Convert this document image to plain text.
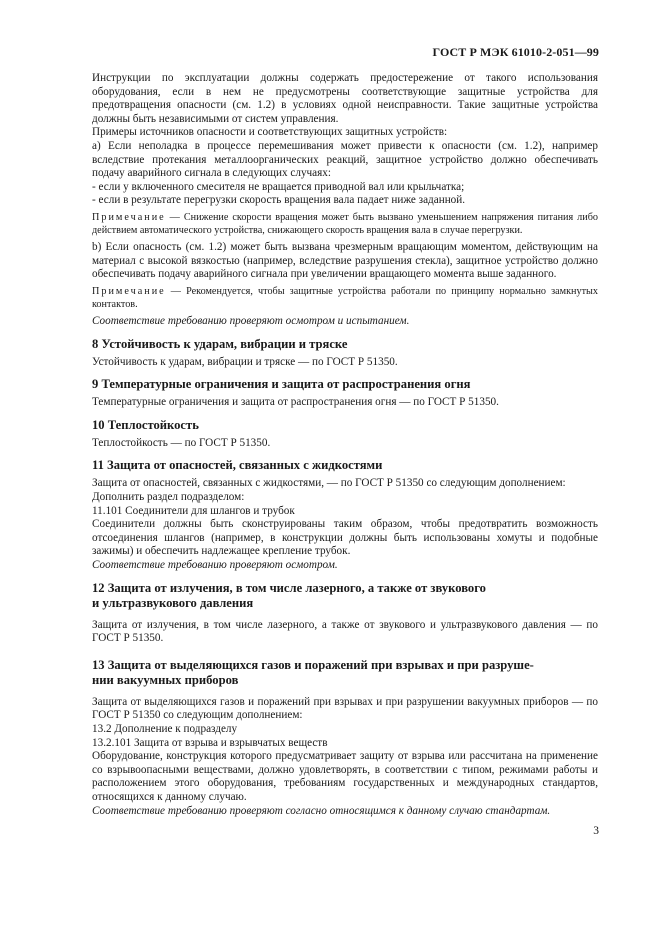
ГОСТ Р МЭК 61010-2-051—99

Инструкции по эксплуатации должны содержать предостережение от такого использования оборудования, если в нем не предусмотрены соответствующие защитные устройства для предотвращения опасности (см. 1.2) в условиях одной неисправности. Такие защитные устройства должны быть независимыми от систем управления.

Примеры источников опасности и соответствующих защитных устройств:

a) Если неполадка в процессе перемешивания может привести к опасности (см. 1.2), например вследствие протекания металлоорганических реакций, защитное устройство должно обеспечивать подачу аварийного сигнала в следующих случаях:

- если у включенного смесителя не вращается приводной вал или крыльчатка;

- если в результате перегрузки скорость вращения вала падает ниже заданной.

Примечание — Снижение скорости вращения может быть вызвано уменьшением напряжения питания либо действием автоматического устройства, снижающего скорость вращения вала в случае перегрузки.

b) Если опасность (см. 1.2) может быть вызвана чрезмерным вращающим моментом, действующим на материал с высокой вязкостью (например, вследствие разрушения стекла), защитное устройство должно обеспечивать подачу аварийного сигнала при увеличении вращающего момента выше заданного.

Примечание — Рекомендуется, чтобы защитные устройства работали по принципу нормально замкнутых контактов.

Соответствие требованию проверяют осмотром и испытанием.

8 Устойчивость к ударам, вибрации и тряске

Устойчивость к ударам, вибрации и тряске — по ГОСТ Р 51350.

9 Температурные ограничения и защита от распространения огня

Температурные ограничения и защита от распространения огня — по ГОСТ Р 51350.

10 Теплостойкость

Теплостойкость — по ГОСТ Р 51350.

11 Защита от опасностей, связанных с жидкостями

Защита от опасностей, связанных с жидкостями, — по ГОСТ Р 51350 со следующим дополнением:

Дополнить раздел подразделом:

11.101 Соединители для шлангов и трубок

Соединители должны быть сконструированы таким образом, чтобы предотвратить возможность отсоединения шлангов (например, в конструкции должны быть использованы хомуты и подобные зажимы) и обеспечить надлежащее крепление трубок.

Соответствие требованию проверяют осмотром.

12 Защита от излучения, в том числе лазерного, а также от звукового
и ультразвукового давления

Защита от излучения, в том числе лазерного, а также от звукового и ультразвукового давления — по ГОСТ Р 51350.

13 Защита от выделяющихся газов и поражений при взрывах и при разруше-
нии вакуумных приборов

Защита от выделяющихся газов и поражений при взрывах и при разрушении вакуумных приборов — по ГОСТ Р 51350 со следующим дополнением:

13.2 Дополнение к подразделу

13.2.101 Защита от взрыва и взрывчатых веществ

Оборудование, конструкция которого предусматривает защиту от взрыва или рассчитана на применение со взрывоопасными веществами, должно удовлетворять, в соответствии с типом, режимами работы и расположением этого оборудования, требованиям государственных и международных стандартов, относящихся к данному случаю.

Соответствие требованию проверяют согласно относящимся к данному случаю стандартам.

3
